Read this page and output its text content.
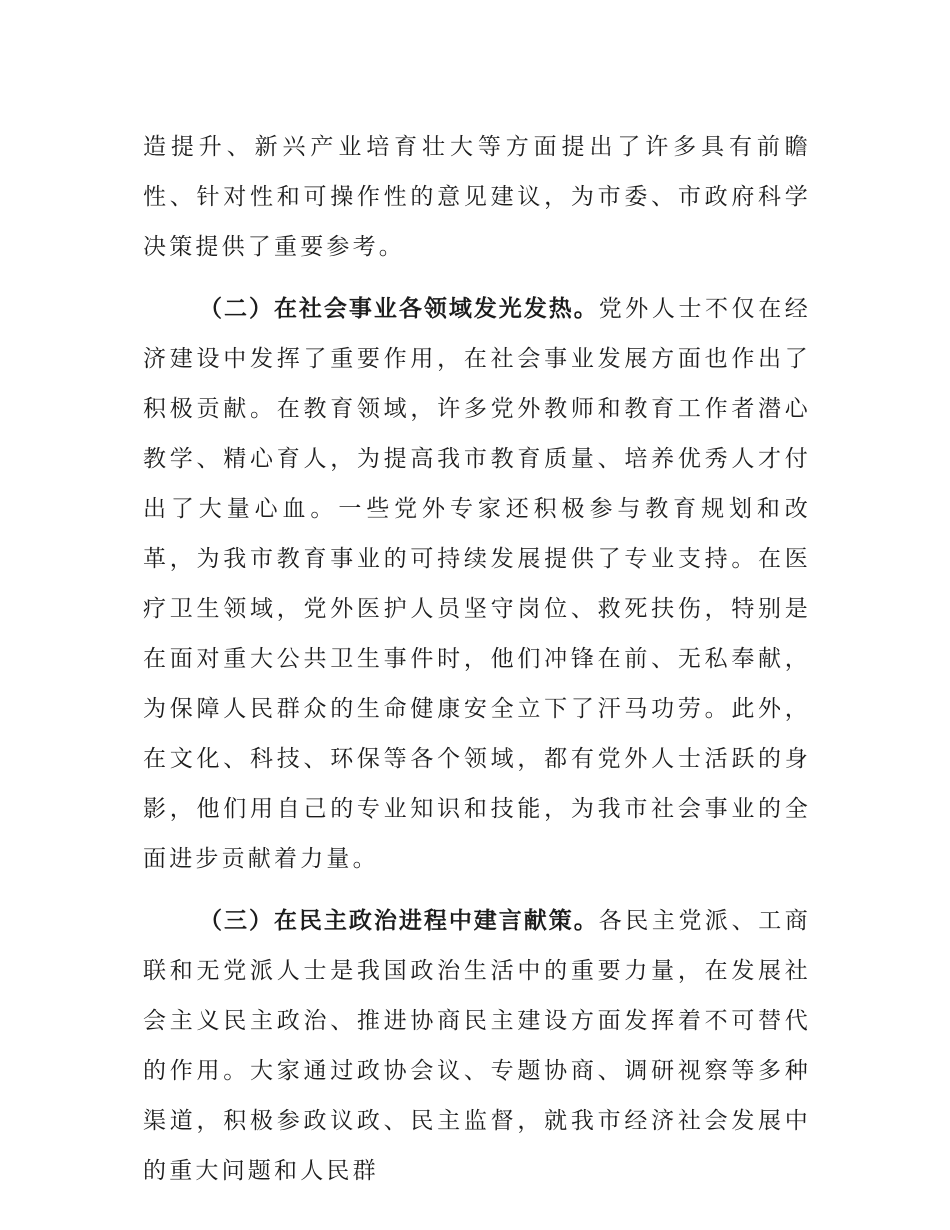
造提升、新兴产业培育壮大等方面提出了许多具有前瞻性、针对性和可操作性的意见建议，为市委、市政府科学决策提供了重要参考。

（二）在社会事业各领域发光发热。党外人士不仅在经济建设中发挥了重要作用，在社会事业发展方面也作出了积极贡献。在教育领域，许多党外教师和教育工作者潜心教学、精心育人，为提高我市教育质量、培养优秀人才付出了大量心血。一些党外专家还积极参与教育规划和改革，为我市教育事业的可持续发展提供了专业支持。在医疗卫生领域，党外医护人员坚守岗位、救死扶伤，特别是在面对重大公共卫生事件时，他们冲锋在前、无私奉献，为保障人民群众的生命健康安全立下了汗马功劳。此外，在文化、科技、环保等各个领域，都有党外人士活跃的身影，他们用自己的专业知识和技能，为我市社会事业的全面进步贡献着力量。

（三）在民主政治进程中建言献策。各民主党派、工商联和无党派人士是我国政治生活中的重要力量，在发展社会主义民主政治、推进协商民主建设方面发挥着不可替代的作用。大家通过政协会议、专题协商、调研视察等多种渠道，积极参政议政、民主监督，就我市经济社会发展中的重大问题和人民群
